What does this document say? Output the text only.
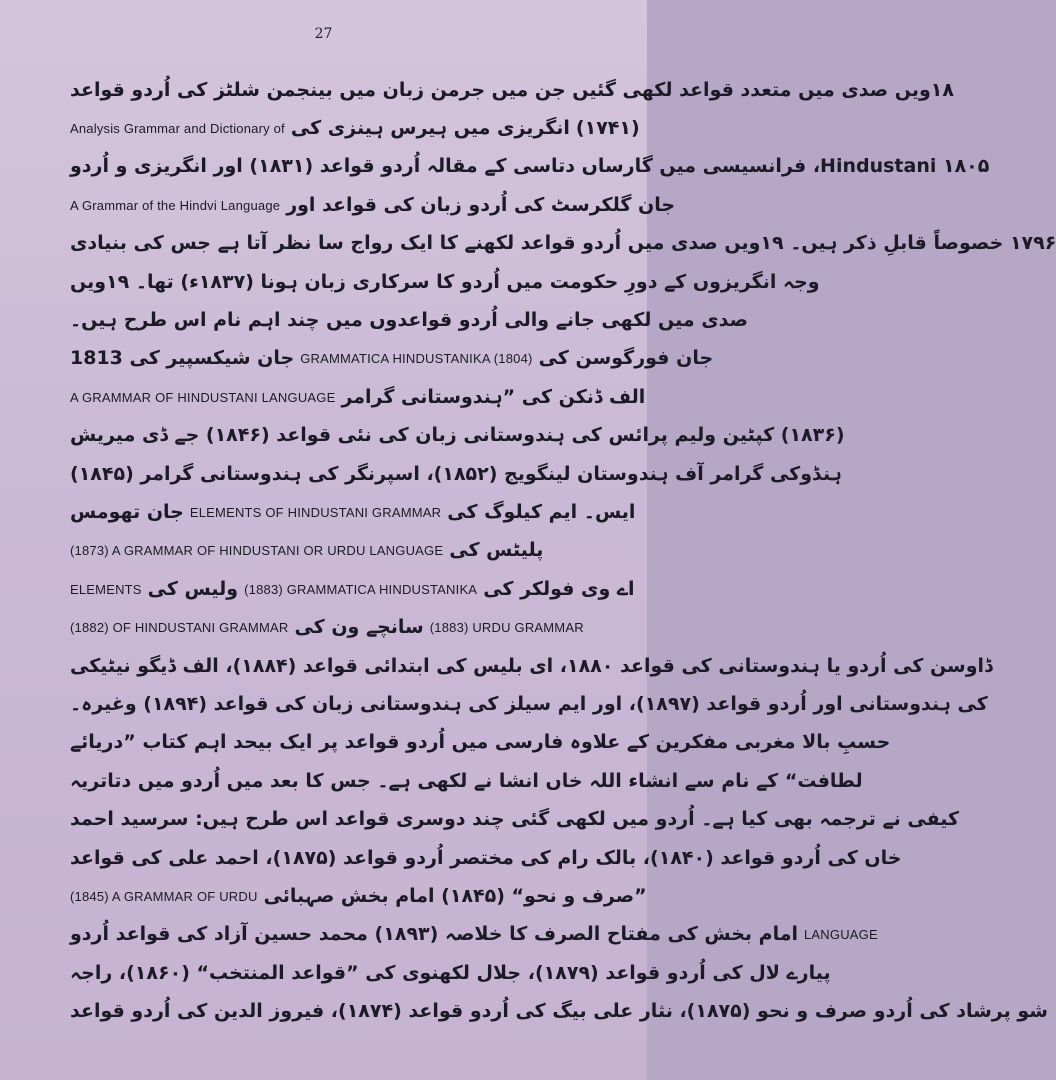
27
۱۸ویں صدی میں متعدد قواعد لکھی گئیں جن میں جرمن زبان میں بینجمن شلٹز کی اُردو قواعد
(۱۷۴۱)
انگریزی میں ہیرس ہینزی کی
Analysis Grammar and Dictionary of
Hindustani ۱۸۰۵، فرانسیسی میں گارساں دتاسی کے مقالہ اُردو قواعد (۱۸۳۱) اور انگریزی و اُردو
جان گلکرسٹ کی اُردو زبان کی قواعد اور
A Grammar of the Hindvi Language
۱۷۹۶ خصوصاً قابلِ ذکر ہیں۔ ۱۹ویں صدی میں اُردو قواعد لکھنے کا ایک رواج سا نظر آتا ہے جس کی بنیادی
وجہ انگریزوں کے دورِ حکومت میں اُردو کا سرکاری زبان ہونا (۱۸۳۷ء) تھا۔ ۱۹ویں
صدی میں لکھی جانے والی اُردو قواعدوں میں چند اہم نام اس طرح ہیں۔
جان فورگوسن کی
GRAMMATICA HINDUSTANIKA (1804)
جان شیکسپیر کی 1813
الف ڈنکن کی ”ہندوستانی گرامر
A GRAMMAR OF HINDUSTANI LANGUAGE
(۱۸۳۶) کپٹین ولیم پرائس کی ہندوستانی زبان کی نئی قواعد (۱۸۴۶) جے ڈی میریش
ہنڈوکی گرامر آف ہندوستان لینگویج (۱۸۵۲)، اسپرنگر کی ہندوستانی گرامر (۱۸۴۵)
ایس۔ ایم کیلوگ کی
ELEMENTS OF HINDUSTANI GRAMMAR
جان تھومس
پلیٹس کی
(1873) A GRAMMAR OF HINDUSTANI OR URDU LANGUAGE
اے وی فولکر کی
(1883) GRAMMATICA HINDUSTANIKA
ولیس کی
ELEMENTS
(1883) URDU GRAMMAR
سانچے ون کی
(1882) OF HINDUSTANI GRAMMAR
ڈاوسن کی اُردو یا ہندوستانی کی قواعد ۱۸۸۰، ای بلیس کی ابتدائی قواعد (۱۸۸۴)، الف ڈیگو نیٹیکی
کی ہندوستانی اور اُردو قواعد (۱۸۹۷)، اور ایم سیلز کی ہندوستانی زبان کی قواعد (۱۸۹۴) وغیرہ۔
حسبِ بالا مغربی مفکرین کے علاوہ فارسی میں اُردو قواعد پر ایک بیحد اہم کتاب ”دریائے
لطافت“ کے نام سے انشاء اللہ خاں انشا نے لکھی ہے۔ جس کا بعد میں اُردو میں دتاتریہ
کیفی نے ترجمہ بھی کیا ہے۔ اُردو میں لکھی گئی چند دوسری قواعد اس طرح ہیں: سرسید احمد
خاں کی اُردو قواعد (۱۸۴۰)، بالک رام کی مختصر اُردو قواعد (۱۸۷۵)، احمد علی کی قواعد
”صرف و نحو“ (۱۸۴۵) امام بخش صہبائی
(1845) A GRAMMAR OF URDU
LANGUAGE
امام بخش کی مفتاح الصرف کا خلاصہ (۱۸۹۳) محمد حسین آزاد کی قواعد اُردو
پیارے لال کی اُردو قواعد (۱۸۷۹)، جلال لکھنوی کی ”قواعد المنتخب“ (۱۸۶۰)، راجہ
شو پرشاد کی اُردو صرف و نحو (۱۸۷۵)، نثار علی بیگ کی اُردو قواعد (۱۸۷۴)، فیروز الدین کی اُردو قواعد
